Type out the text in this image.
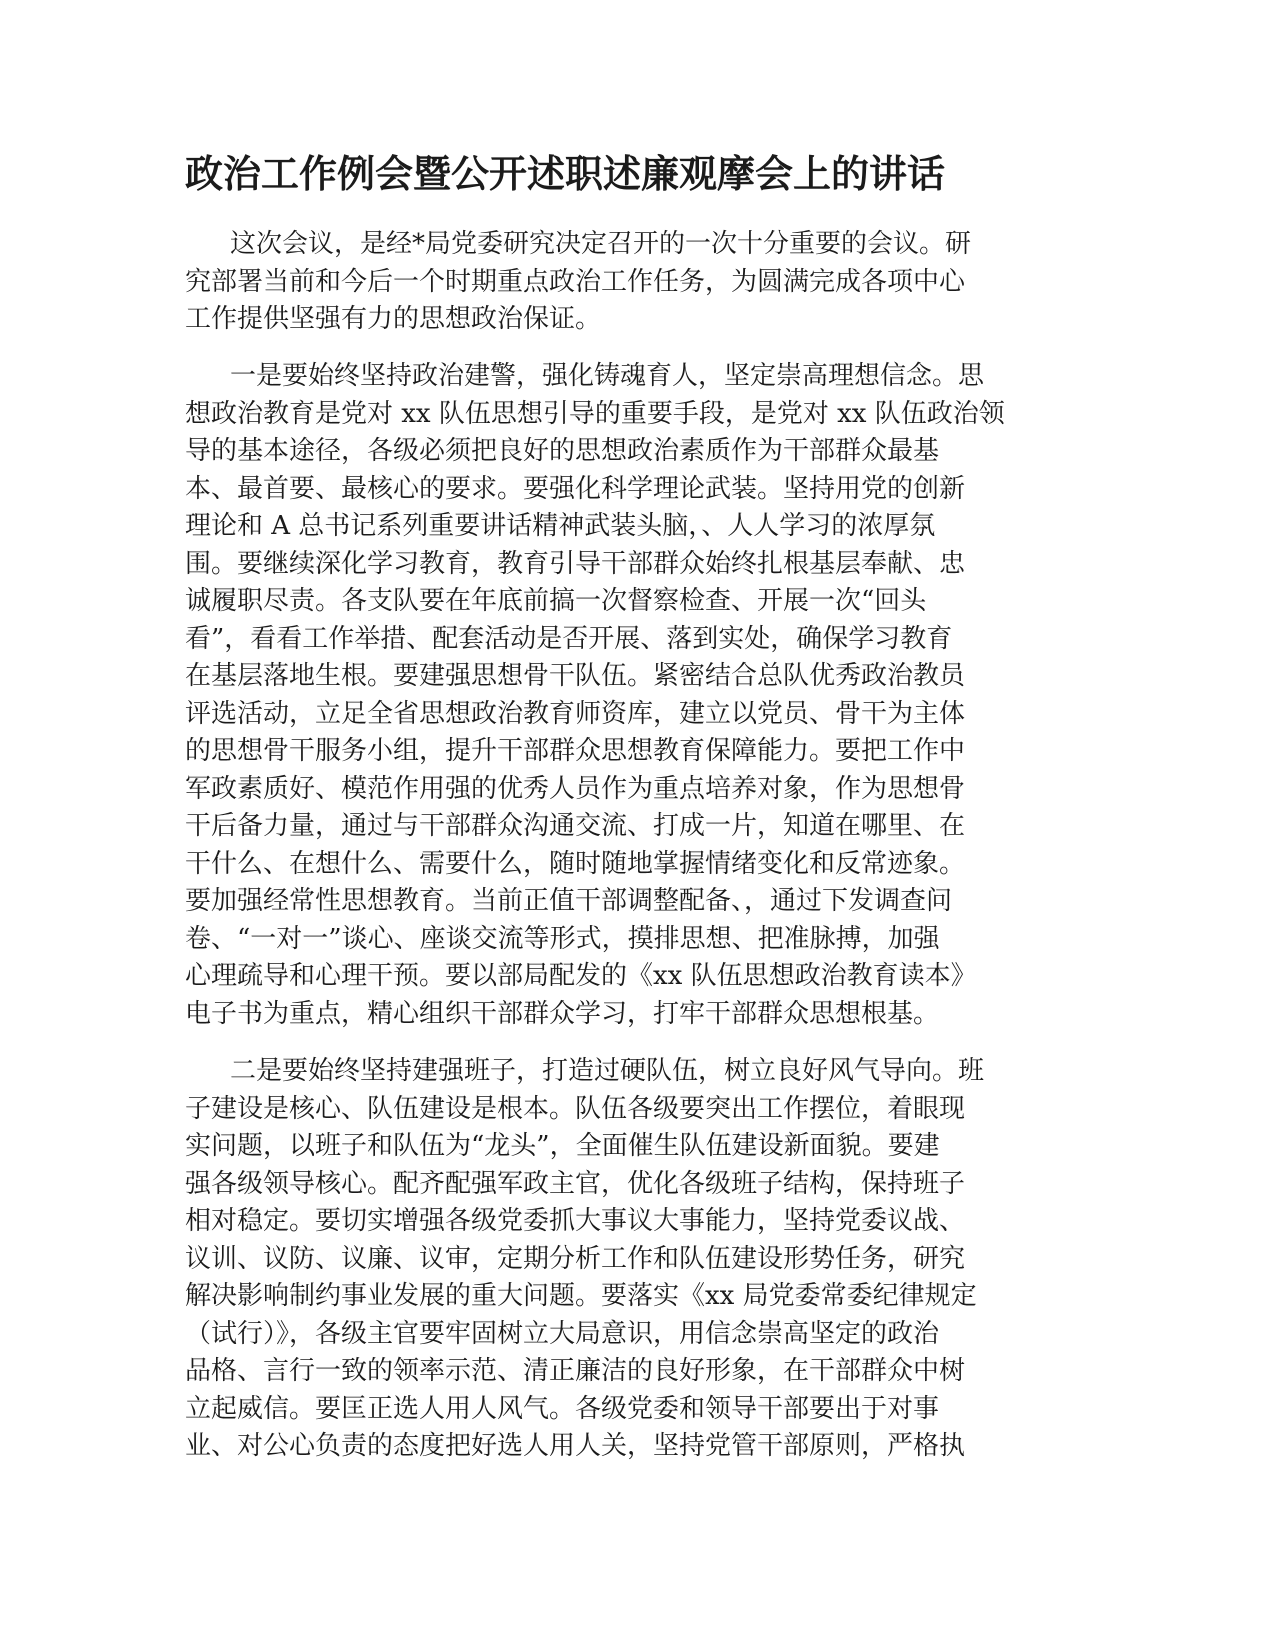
政治工作例会暨公开述职述廉观摩会上的讲话

这次会议，是经*局党委研究决定召开的一次十分重要的会议。研
究部署当前和今后一个时期重点政治工作任务，为圆满完成各项中心
工作提供坚强有力的思想政治保证。

一是要始终坚持政治建警，强化铸魂育人，坚定崇高理想信念。思
想政治教育是党对 xx 队伍思想引导的重要手段，是党对 xx 队伍政治领
导的基本途径，各级必须把良好的思想政治素质作为干部群众最基
本、最首要、最核心的要求。要强化科学理论武装。坚持用党的创新
理论和 A 总书记系列重要讲话精神武装头脑，、人人学习的浓厚氛
围。要继续深化学习教育，教育引导干部群众始终扎根基层奉献、忠
诚履职尽责。各支队要在年底前搞一次督察检查、开展一次“回头
看”，看看工作举措、配套活动是否开展、落到实处，确保学习教育
在基层落地生根。要建强思想骨干队伍。紧密结合总队优秀政治教员
评选活动，立足全省思想政治教育师资库，建立以党员、骨干为主体
的思想骨干服务小组，提升干部群众思想教育保障能力。要把工作中
军政素质好、模范作用强的优秀人员作为重点培养对象，作为思想骨
干后备力量，通过与干部群众沟通交流、打成一片，知道在哪里、在
干什么、在想什么、需要什么，随时随地掌握情绪变化和反常迹象。
要加强经常性思想教育。当前正值干部调整配备、，通过下发调查问
卷、“一对一”谈心、座谈交流等形式，摸排思想、把准脉搏，加强
心理疏导和心理干预。要以部局配发的《xx 队伍思想政治教育读本》
电子书为重点，精心组织干部群众学习，打牢干部群众思想根基。

二是要始终坚持建强班子，打造过硬队伍，树立良好风气导向。班
子建设是核心、队伍建设是根本。队伍各级要突出工作摆位，着眼现
实问题，以班子和队伍为“龙头”，全面催生队伍建设新面貌。要建
强各级领导核心。配齐配强军政主官，优化各级班子结构，保持班子
相对稳定。要切实增强各级党委抓大事议大事能力，坚持党委议战、
议训、议防、议廉、议审，定期分析工作和队伍建设形势任务，研究
解决影响制约事业发展的重大问题。要落实《xx 局党委常委纪律规定
（试行）》，各级主官要牢固树立大局意识，用信念崇高坚定的政治
品格、言行一致的领率示范、清正廉洁的良好形象，在干部群众中树
立起威信。要匡正选人用人风气。各级党委和领导干部要出于对事
业、对公心负责的态度把好选人用人关，坚持党管干部原则，严格执
